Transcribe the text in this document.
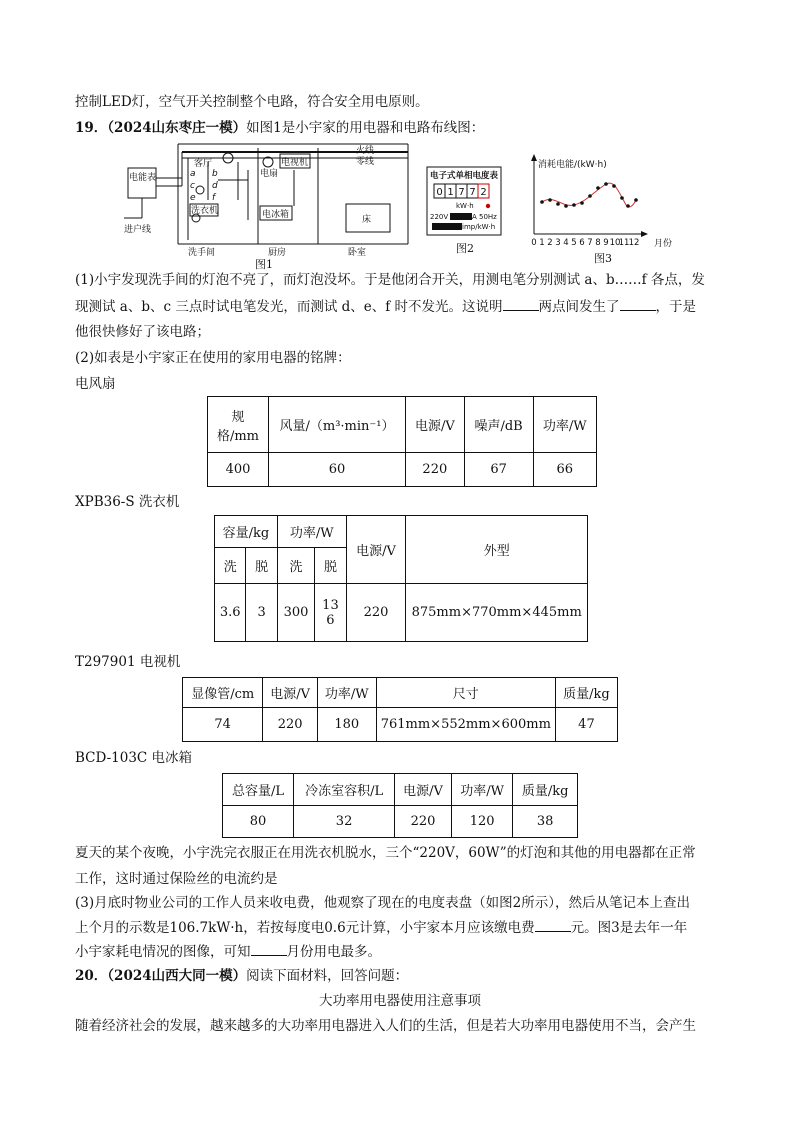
控制LED灯，空气开关控制整个电路，符合安全用电原则。
19．（2024山东枣庄一模）如图1是小宇家的用电器和电路布线图：
电能表
进户线
火线
零线
客厅
电扇
电视机
洗衣机	电冰箱	床
洗手间	厨房	卧室
a b
c d
e f
图1
电子式单相电度表
0 1 7 7 2
kW·h
220V	A 50Hz
imp/kW·h
图2
消耗电能/(kW·h)
月份
0 1 2 3 4 5 6 7 8 9 10
11 12
图3
(1)小宇发现洗手间的灯泡不亮了，而灯泡没坏。于是他闭合开关，用测电笔分别测试 a、b……f 各点，发
现测试 a、b、c 三点时试电笔发光，而测试 d、e、f 时不发光。这说明	两点间发生了	，于是
他很快修好了该电路；
(2)如表是小宇家正在使用的家用电器的铭牌：
电风扇
规格/mm	风量/（m³·min⁻¹）	电源/V	噪声/dB	功率/W
400	60	220	67	66
XPB36-S 洗衣机
容量/kg		功率/W		电源/V	外型
洗	脱	洗	脱		
3.6	3	300	136	220	875mm×770mm×445mm
T297901 电视机
显像管/cm	电源/V	功率/W	尺寸	质量/kg
74	220	180	761mm×552mm×600mm	47
BCD-103C 电冰箱
总容量/L	冷冻室容积/L	电源/V	功率/W	质量/kg
80	32	220	120	38
夏天的某个夜晚，小宇洗完衣服正在用洗衣机脱水，三个“220V，60W”的灯泡和其他的用电器都在正常
工作，这时通过保险丝的电流约是
(3)月底时物业公司的工作人员来收电费，他观察了现在的电度表盘（如图2所示），然后从笔记本上查出
上个月的示数是106.7kW·h，若按每度电0.6元计算，小宇家本月应该缴电费	元。图3是去年一年
小宇家耗电情况的图像，可知	月份用电最多。
20．（2024山西大同一模）阅读下面材料，回答问题：
大功率用电器使用注意事项
随着经济社会的发展，越来越多的大功率用电器进入人们的生活，但是若大功率用电器使用不当，会产生
